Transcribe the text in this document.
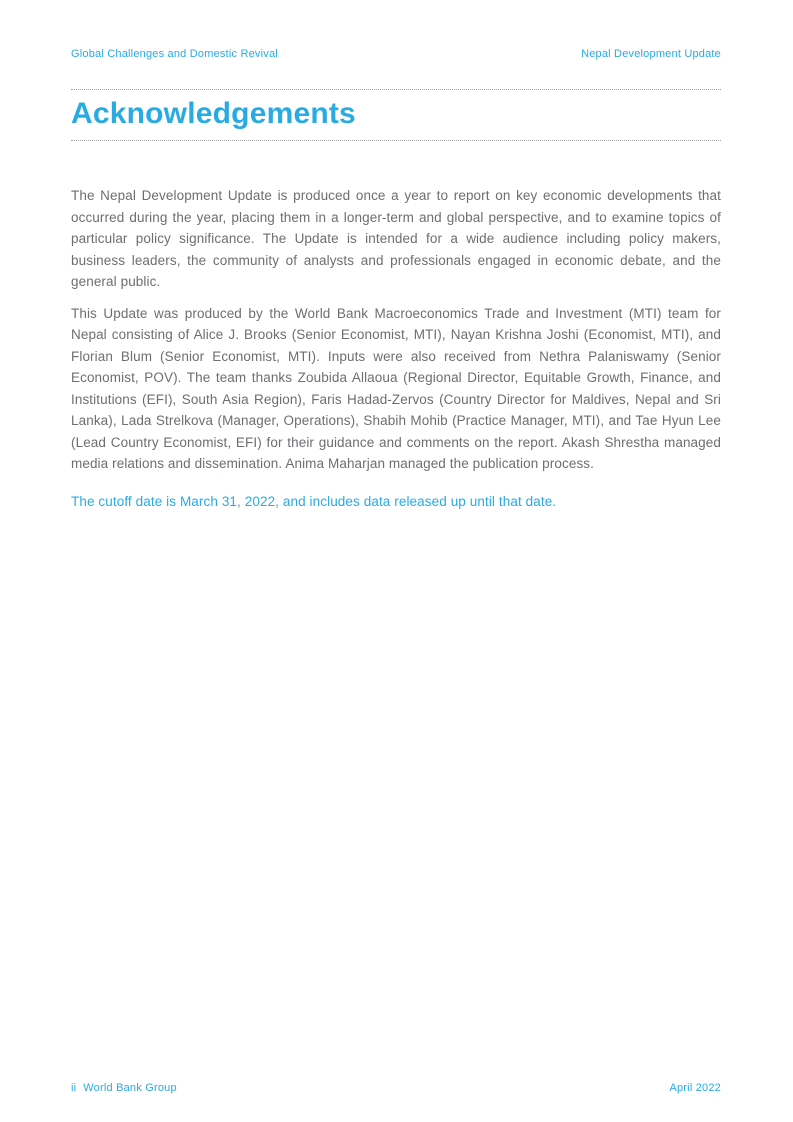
Global Challenges and Domestic Revival	Nepal Development Update
Acknowledgements

The Nepal Development Update is produced once a year to report on key economic developments that occurred during the year, placing them in a longer-term and global perspective, and to examine topics of particular policy significance. The Update is intended for a wide audience including policy makers, business leaders, the community of analysts and professionals engaged in economic debate, and the general public.

This Update was produced by the World Bank Macroeconomics Trade and Investment (MTI) team for Nepal consisting of Alice J. Brooks (Senior Economist, MTI), Nayan Krishna Joshi (Economist, MTI), and Florian Blum (Senior Economist, MTI). Inputs were also received from Nethra Palaniswamy (Senior Economist, POV). The team thanks Zoubida Allaoua (Regional Director, Equitable Growth, Finance, and Institutions (EFI), South Asia Region), Faris Hadad-Zervos (Country Director for Maldives, Nepal and Sri Lanka), Lada Strelkova (Manager, Operations), Shabih Mohib (Practice Manager, MTI), and Tae Hyun Lee (Lead Country Economist, EFI) for their guidance and comments on the report. Akash Shrestha managed media relations and dissemination. Anima Maharjan managed the publication process.

The cutoff date is March 31, 2022, and includes data released up until that date.

ii World Bank Group	April 2022
